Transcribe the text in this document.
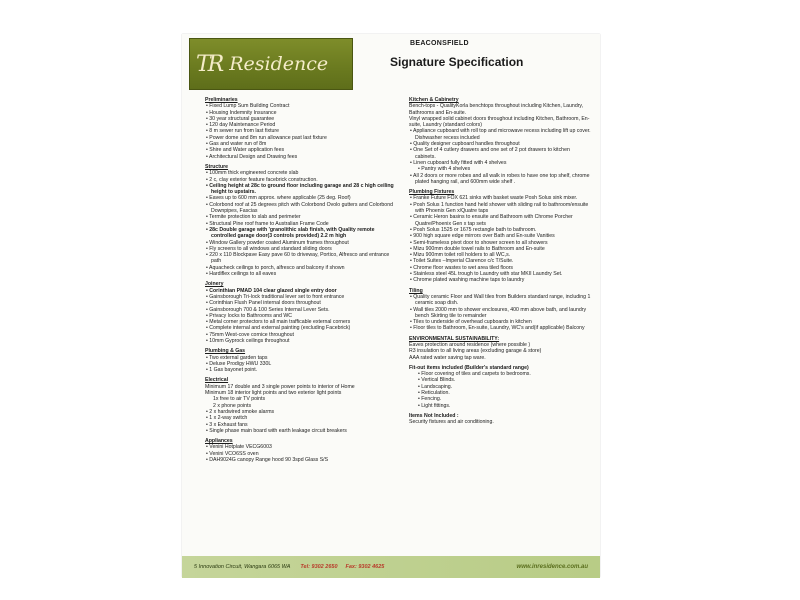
TR Residence
BEACONSFIELD
Signature Specification
Preliminaries
• Fixed Lump Sum Building Contract
• Housing Indemnity Insurance
• 30 year structural guarantee
• 120 day Maintenance Period
• 8 m sewer run from last fixture
• Power dome and 8m run allowance past last fixture
• Gas and water run of 8m
• Shire and Water application fees
• Architectural Design and Drawing fees
Structure
• 100mm thick engineered concrete slab
• 2 c, clay exterior feature facebrick construction.
• Ceiling height at 28c to ground floor including garage and 28 c high ceiling height to upstairs.
• Eaves up to 600 mm approx. where applicable (25 deg. Roof)
• Colorbond roof at 25 degrees pitch with Colorbond Ovolo gutters and Colorbond Downpipes, Fascias
• Termite protection to slab and perimeter
• Structural Pine roof frame to Australian Frame Code
• 28c Double garage with 'granolithic slab finish, with Quality remote controlled garage door(3 controls provided) 2.2 m high
• Window Gallery powder coated Aluminum frames throughout
• Fly screens to all windows and standard sliding doors
• 220 x 110 Blockpave Easy pave 60 to driveway, Portico, Alfresco and entrance path
• Aquacheck ceilings to porch, alfresco and balcony if shown
• Hardiflex ceilings to all eaves
Joinery
• Corinthian PMAD 104 clear glazed single entry door
• Gainsborough Tri-lock traditional lever set to front entrance
• Corinthian Flush Panel internal doors throughout
• Gainsborough 700 & 100 Series Internal Lever Sets.
• Privacy locks to Bathrooms and WC
• Metal corner protectors to all main trafficable external corners
• Complete internal and external painting (excluding Facebrick)
• 75mm West-cove cornice throughout
• 10mm Gyprock ceilings throughout
Plumbing & Gas
• Two external garden taps
• Deluxe Prodigy HWU 330L
• 1 Gas bayonet point.
Electrical
Minimum 17 double and 3 single power points to interior of Home
Minimum 18 interior light points and two exterior light points
1x free to air TV points
2 x phone points
• 2 x hardwired smoke alarms
• 1 x 2-way switch
• 3 x Exhaust fans
• Single phase main board with earth leakage circuit breakers
Appliances
• Venini Hotplate VECG6003
• Venini VCO6SS oven
• DAH9024G canopy Range hood 90 3spd Glass S/S
Kitchen & Cabinetry
Bench-tops - QualityKorla benchtops throughout including Kitchen, Laundry, Bathrooms and En-suite.
Vinyl wrapped solid cabinet doors throughout including Kitchen, Bathroom, En-suite, Laundry (standard colors)
• Appliance cupboard with roll top and microwave recess including lift up cover. Dishwasher recess included
• Quality designer cupboard handles throughout
• One Set of 4 cutlery drawers and one set of 2 pot drawers to kitchen cabinets.
• Linen cupboard fully fitted with 4 shelves
• Pantry with 4 shelves
• All 2 doors or more robes and all walk in robes to have one top shelf, chrome plated hanging rail, and 600mm wide shelf .
Plumbing Fixtures
• Franke Future FOX 621 sinks with basket waste Posh Solus sink mixer.
• Posh Solus 1 function hand held shower with sliding rail to bathroom/ensuite with Phoenix Gen x/Quatre taps
• Ceramic Heron basins to ensuite and Bathroom with Chrome Porcher Quatre/Phoenix Gen x tap sets
• Posh Solus 1525 or 1675 rectangle bath to bathroom.
• 900 high square edge mirrors over Bath and En-suite Vanities
• Semi-frameless pivot door to shower screen to all showers
• Mizu 900mm double towel rails to Bathroom and En-suite
• Mizu 900mm toilet roll holders to all WC,s.
• Toilet Suites –Imperial Clarence c/c T/Suite.
• Chrome floor wastes to wet area tiled floors
• Stainless steel 45L trough to Laundry with star MKII Laundry Set.
• Chrome plated washing machine taps to laundry
Tiling
• Quality ceramic Floor and Wall tiles from Builders standard range, including 1 ceramic soap dish.
• Wall tiles 2000 mm to shower enclosures, 400 mm above bath, and laundry bench Skirting tile to remainder
• Tiles to underside of overhead cupboards in kitchen
• Floor tiles to Bathroom, En-suite, Laundry, WC's and(if applicable) Balcony
ENVIRONMENTAL SUSTAINABILITY:
Eaves protection around residence (where possible )
R3 insulation to all living areas (excluding garage & store)
AAA rated water saving tap ware.
Fit-out items included (Builder's standard range)
• Floor covering of tiles and carpets to bedrooms.
• Vertical Blinds.
• Landscaping.
• Reticulation.
• Fencing.
• Light fittings.
Items Not Included :
Security fixtures and air conditioning.
5 Innovation Circuit, Wangara 6065 WA Tel: 9302 2650 Fax: 9302 4625	www.inresidence.com.au
